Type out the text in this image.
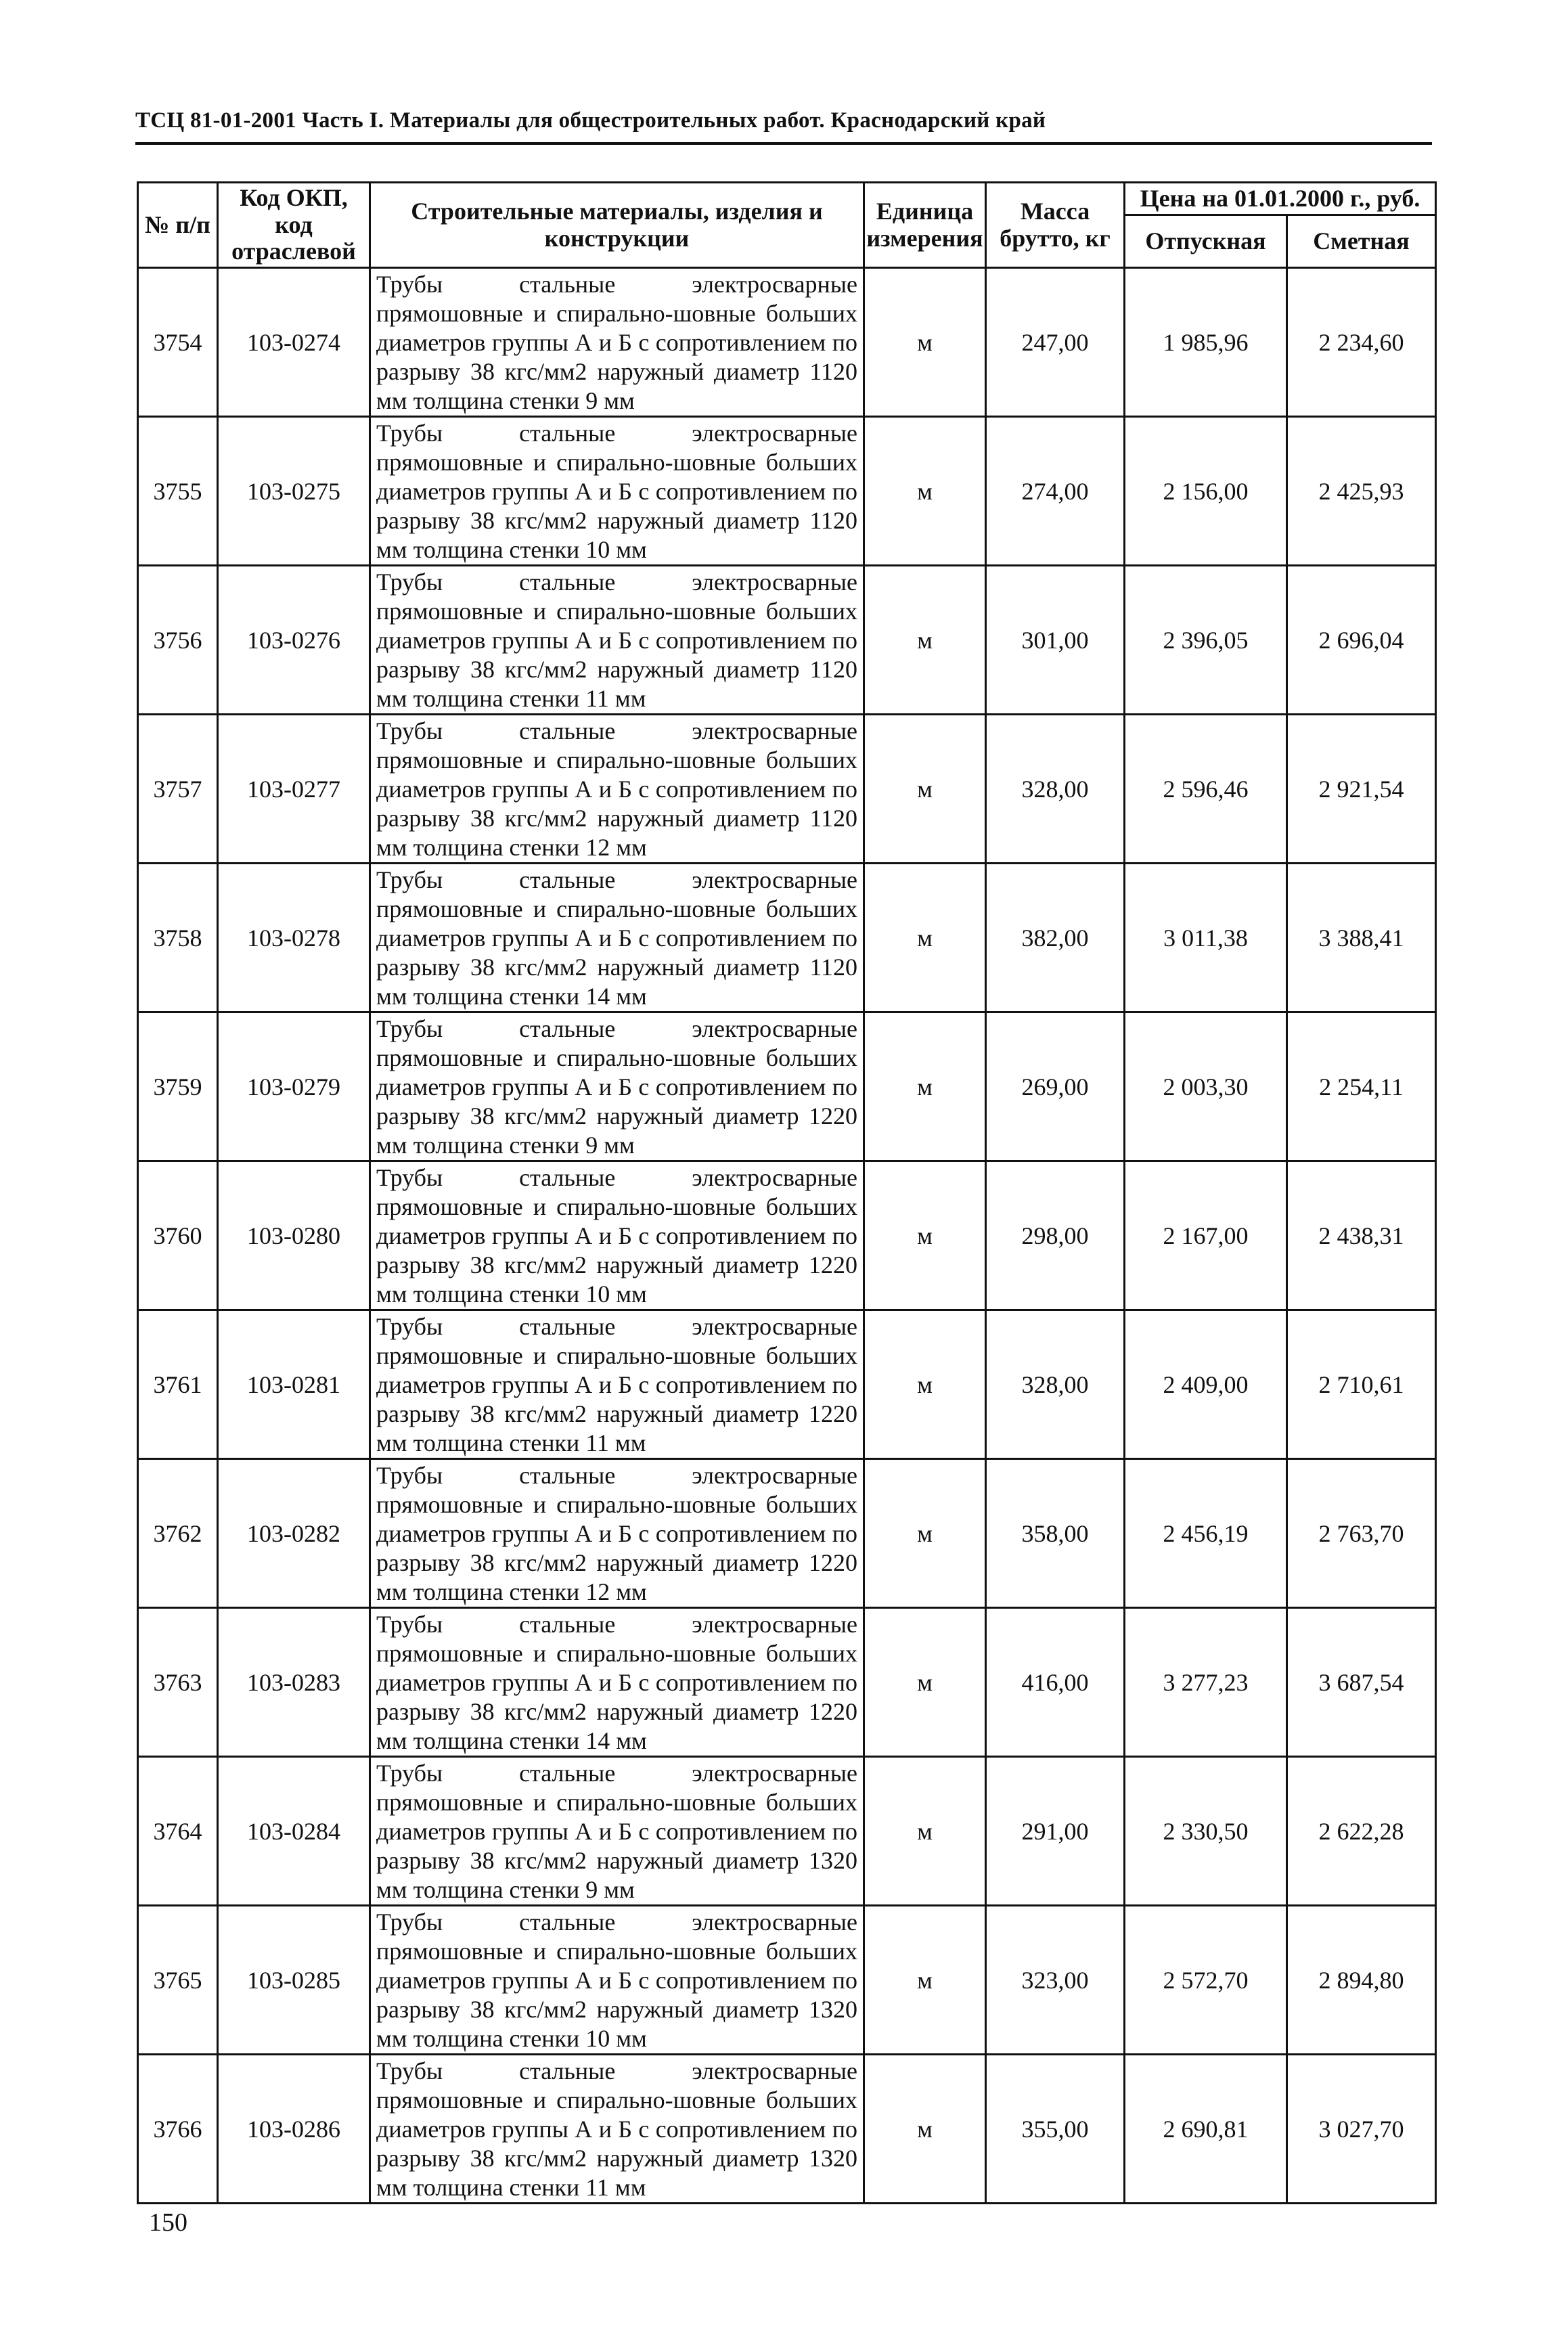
ТСЦ 81-01-2001 Часть I. Материалы для общестроительных работ. Краснодарский край
№ п/п	Код ОКП, код отраслевой	Строительные материалы, изделия и конструкции	Единица измерения	Масса брутто, кг	Цена на 01.01.2000 г., руб.	
					Отпускная	Сметная
3754	103-0274	Трубы стальные электросварные прямошовные и спирально-шовные больших диаметров группы А и Б с сопротивлением по разрыву 38 кгс/мм2 наружный диаметр 1120 мм толщина стенки 9 мм	м	247,00	1 985,96	2 234,60
3755	103-0275	Трубы стальные электросварные прямошовные и спирально-шовные больших диаметров группы А и Б с сопротивлением по разрыву 38 кгс/мм2 наружный диаметр 1120 мм толщина стенки 10 мм	м	274,00	2 156,00	2 425,93
3756	103-0276	Трубы стальные электросварные прямошовные и спирально-шовные больших диаметров группы А и Б с сопротивлением по разрыву 38 кгс/мм2 наружный диаметр 1120 мм толщина стенки 11 мм	м	301,00	2 396,05	2 696,04
3757	103-0277	Трубы стальные электросварные прямошовные и спирально-шовные больших диаметров группы А и Б с сопротивлением по разрыву 38 кгс/мм2 наружный диаметр 1120 мм толщина стенки 12 мм	м	328,00	2 596,46	2 921,54
3758	103-0278	Трубы стальные электросварные прямошовные и спирально-шовные больших диаметров группы А и Б с сопротивлением по разрыву 38 кгс/мм2 наружный диаметр 1120 мм толщина стенки 14 мм	м	382,00	3 011,38	3 388,41
3759	103-0279	Трубы стальные электросварные прямошовные и спирально-шовные больших диаметров группы А и Б с сопротивлением по разрыву 38 кгс/мм2 наружный диаметр 1220 мм толщина стенки 9 мм	м	269,00	2 003,30	2 254,11
3760	103-0280	Трубы стальные электросварные прямошовные и спирально-шовные больших диаметров группы А и Б с сопротивлением по разрыву 38 кгс/мм2 наружный диаметр 1220 мм толщина стенки 10 мм	м	298,00	2 167,00	2 438,31
3761	103-0281	Трубы стальные электросварные прямошовные и спирально-шовные больших диаметров группы А и Б с сопротивлением по разрыву 38 кгс/мм2 наружный диаметр 1220 мм толщина стенки 11 мм	м	328,00	2 409,00	2 710,61
3762	103-0282	Трубы стальные электросварные прямошовные и спирально-шовные больших диаметров группы А и Б с сопротивлением по разрыву 38 кгс/мм2 наружный диаметр 1220 мм толщина стенки 12 мм	м	358,00	2 456,19	2 763,70
3763	103-0283	Трубы стальные электросварные прямошовные и спирально-шовные больших диаметров группы А и Б с сопротивлением по разрыву 38 кгс/мм2 наружный диаметр 1220 мм толщина стенки 14 мм	м	416,00	3 277,23	3 687,54
3764	103-0284	Трубы стальные электросварные прямошовные и спирально-шовные больших диаметров группы А и Б с сопротивлением по разрыву 38 кгс/мм2 наружный диаметр 1320 мм толщина стенки 9 мм	м	291,00	2 330,50	2 622,28
3765	103-0285	Трубы стальные электросварные прямошовные и спирально-шовные больших диаметров группы А и Б с сопротивлением по разрыву 38 кгс/мм2 наружный диаметр 1320 мм толщина стенки 10 мм	м	323,00	2 572,70	2 894,80
3766	103-0286	Трубы стальные электросварные прямошовные и спирально-шовные больших диаметров группы А и Б с сопротивлением по разрыву 38 кгс/мм2 наружный диаметр 1320 мм толщина стенки 11 мм	м	355,00	2 690,81	3 027,70
150
